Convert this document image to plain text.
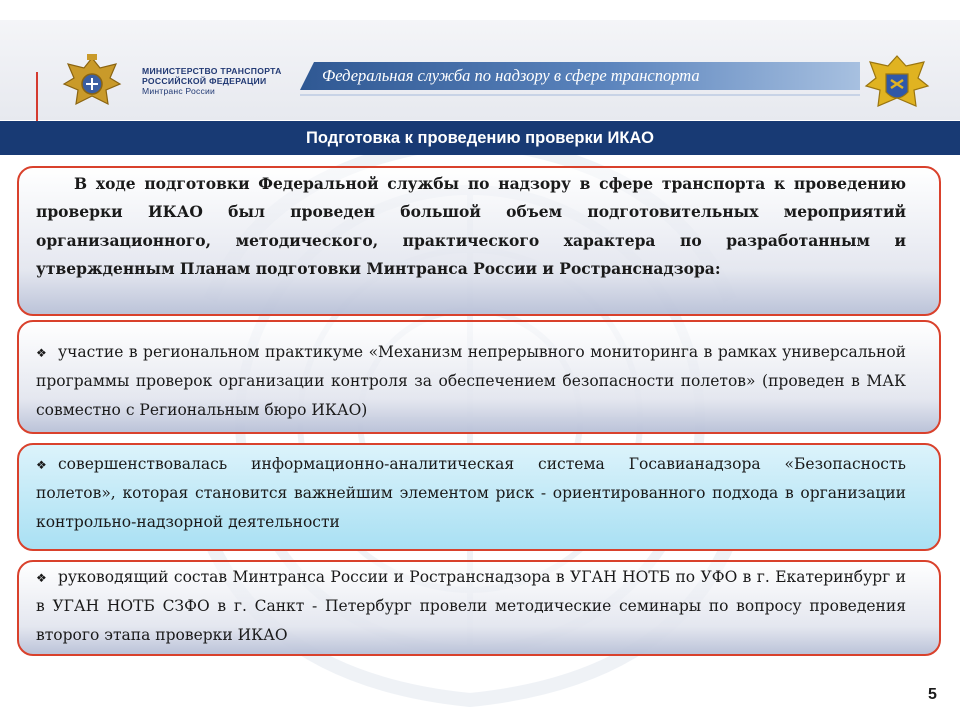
МИНИСТЕРСТВО ТРАНСПОРТА
РОССИЙСКОЙ ФЕДЕРАЦИИ
Минтранс России
Федеральная служба по надзору в сфере транспорта
Подготовка к проведению проверки ИКАО
В ходе подготовки Федеральной службы по надзору в сфере транспорта к проведению проверки ИКАО был проведен большой объем подготовительных мероприятий организационного, методического, практического характера по разработанным и утвержденным Планам подготовки Минтранса России и Ространснадзора:
❖ участие в региональном практикуме «Механизм непрерывного мониторинга в рамках универсальной программы проверок организации контроля за обеспечением безопасности полетов» (проведен в МАК совместно с Региональным бюро ИКАО)
❖ совершенствовалась информационно-аналитическая система Госавианадзора «Безопасность полетов», которая становится важнейшим элементом риск - ориентированного подхода в организации контрольно-надзорной деятельности
❖ руководящий состав Минтранса России и Ространснадзора в УГАН НОТБ по УФО в г. Екатеринбург и в УГАН НОТБ СЗФО в г. Санкт - Петербург провели методические семинары по вопросу проведения второго этапа проверки ИКАО
5
